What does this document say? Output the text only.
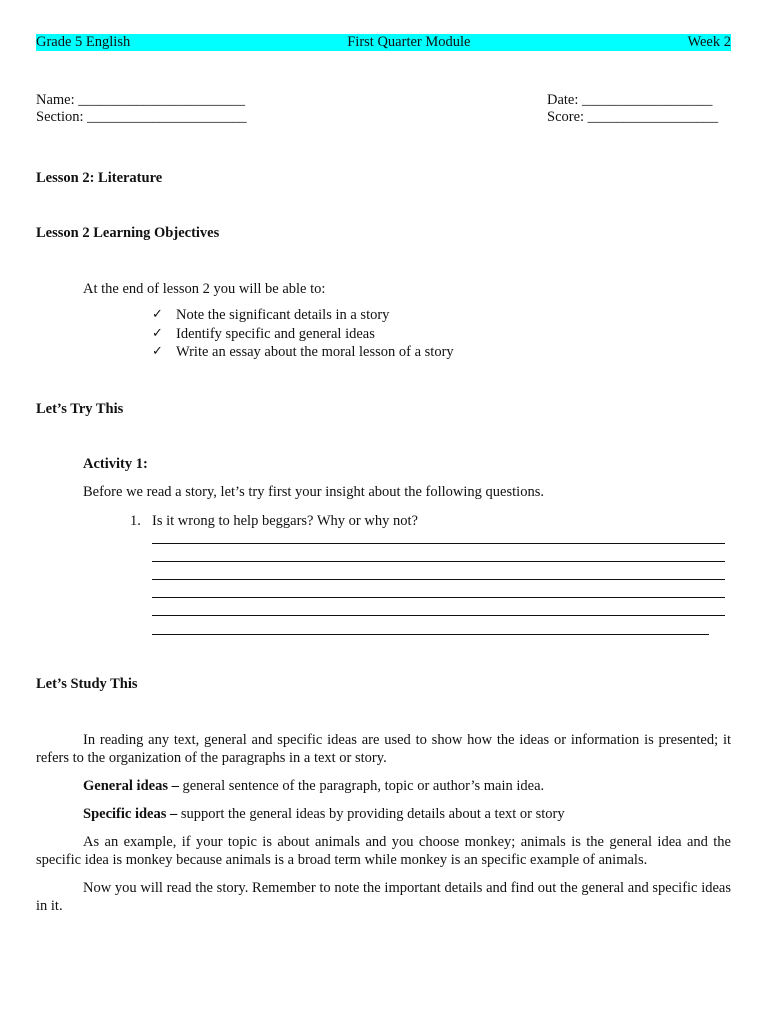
Grade 5 English	First Quarter Module	Week 2
Name: _______________________
Section: ______________________
Date: __________________
Score: __________________
Lesson 2: Literature
Lesson 2 Learning Objectives
At the end of lesson 2 you will be able to:
✓ Note the significant details in a story
✓ Identify specific and general ideas
✓ Write an essay about the moral lesson of a story
Let’s Try This
Activity 1:
Before we read a story, let’s try first your insight about the following questions.
1. Is it wrong to help beggars? Why or why not?
Let’s Study This
In reading any text, general and specific ideas are used to show how the ideas or information is presented; it refers to the organization of the paragraphs in a text or story.
General ideas – general sentence of the paragraph, topic or author’s main idea.
Specific ideas – support the general ideas by providing details about a text or story
As an example, if your topic is about animals and you choose monkey; animals is the general idea and the specific idea is monkey because animals is a broad term while monkey is an specific example of animals.
Now you will read the story. Remember to note the important details and find out the general and specific ideas in it.
